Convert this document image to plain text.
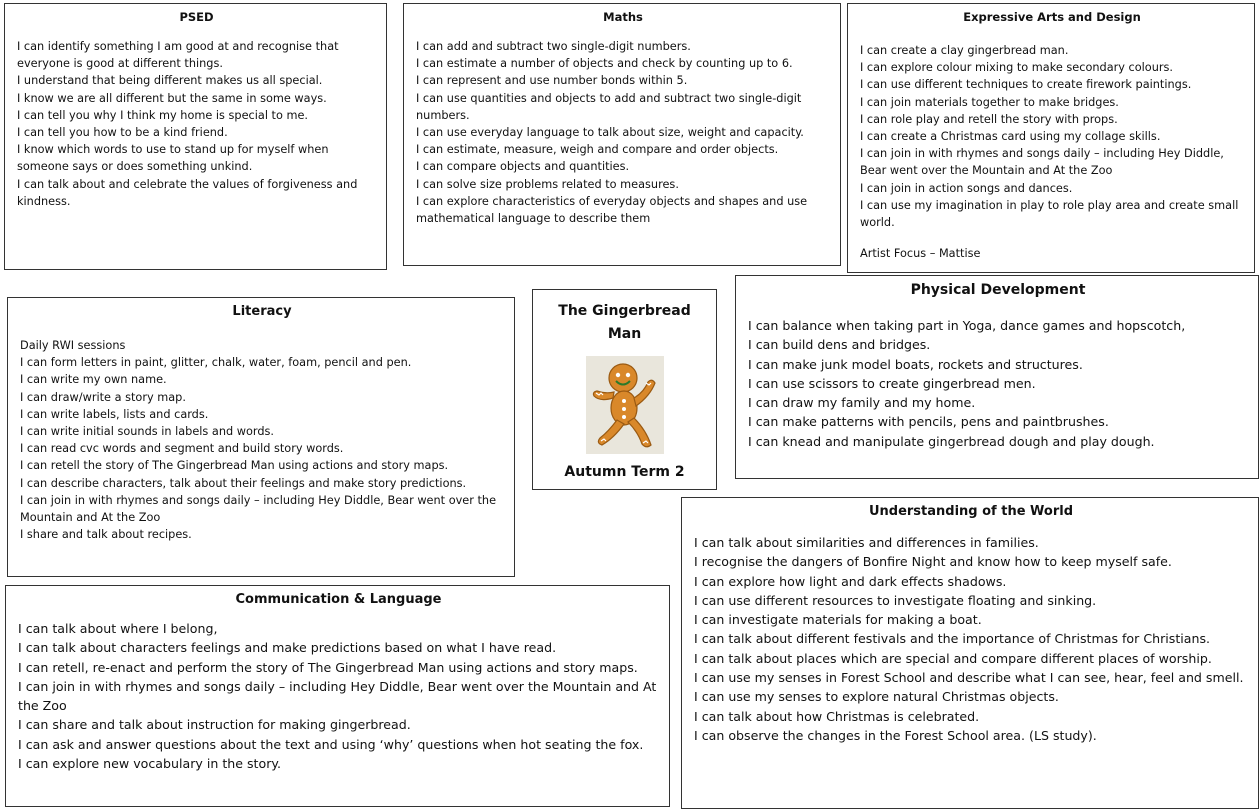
PSED
I can identify something I am good at and recognise that everyone is good at different things.
I understand that being different makes us all special.
I know we are all different but the same in some ways.
I can tell you why I think my home is special to me.
I can tell you how to be a kind friend.
I know which words to use to stand up for myself when someone says or does something unkind.
I can talk about and celebrate the values of forgiveness and kindness.
Maths
I can add and subtract two single-digit numbers.
I can estimate a number of objects and check by counting up to 6.
I can represent and use number bonds within 5.
I can use quantities and objects to add and subtract two single-digit numbers.
I can use everyday language to talk about size, weight and capacity.
I can estimate, measure, weigh and compare and order objects.
I can compare objects and quantities.
I can solve size problems related to measures.
I can explore characteristics of everyday objects and shapes and use mathematical language to describe them
Expressive Arts and Design
I can create a clay gingerbread man.
I can explore colour mixing to make secondary colours.
I can use different techniques to create firework paintings.
I can join materials together to make bridges.
I can role play and retell the story with props.
I can create a Christmas card using my collage skills.
I can join in with rhymes and songs daily – including Hey Diddle, Bear went over the Mountain and At the Zoo
I can join in action songs and dances.
I can use my imagination in play to role play area and create small world.
Artist Focus – Mattise
Literacy
Daily RWI sessions
I can form letters in paint, glitter, chalk, water, foam, pencil and pen.
I can write my own name.
I can draw/write a story map.
I can write labels, lists and cards.
I can write initial sounds in labels and words.
I can read cvc words and segment and build story words.
I can retell the story of The Gingerbread Man using actions and story maps.
I can describe characters, talk about their feelings and make story predictions.
I can join in with rhymes and songs daily – including Hey Diddle, Bear went over the Mountain and At the Zoo
I share and talk about recipes.
The Gingerbread
Man
Autumn Term 2
Physical Development
I can balance when taking part in Yoga, dance games and hopscotch,
I can build dens and bridges.
I can make junk model boats, rockets and structures.
I can use scissors to create gingerbread men.
I can draw my family and my home.
I can make patterns with pencils, pens and paintbrushes.
I can knead and manipulate gingerbread dough and play dough.
Understanding of the World
I can talk about similarities and differences in families.
I recognise the dangers of Bonfire Night and know how to keep myself safe.
I can explore how light and dark effects shadows.
I can use different resources to investigate floating and sinking.
I can investigate materials for making a boat.
I can talk about different festivals and the importance of Christmas for Christians.
I can talk about places which are special and compare different places of worship.
I can use my senses in Forest School and describe what I can see, hear, feel and smell.
I can use my senses to explore natural Christmas objects.
I can talk about how Christmas is celebrated.
I can observe the changes in the Forest School area. (LS study).
Communication & Language
I can talk about where I belong,
I can talk about characters feelings and make predictions based on what I have read.
I can retell, re-enact and perform the story of The Gingerbread Man using actions and story maps.
I can join in with rhymes and songs daily – including Hey Diddle, Bear went over the Mountain and At the Zoo
I can share and talk about instruction for making gingerbread.
I can ask and answer questions about the text and using ‘why’ questions when hot seating the fox.
I can explore new vocabulary in the story.
